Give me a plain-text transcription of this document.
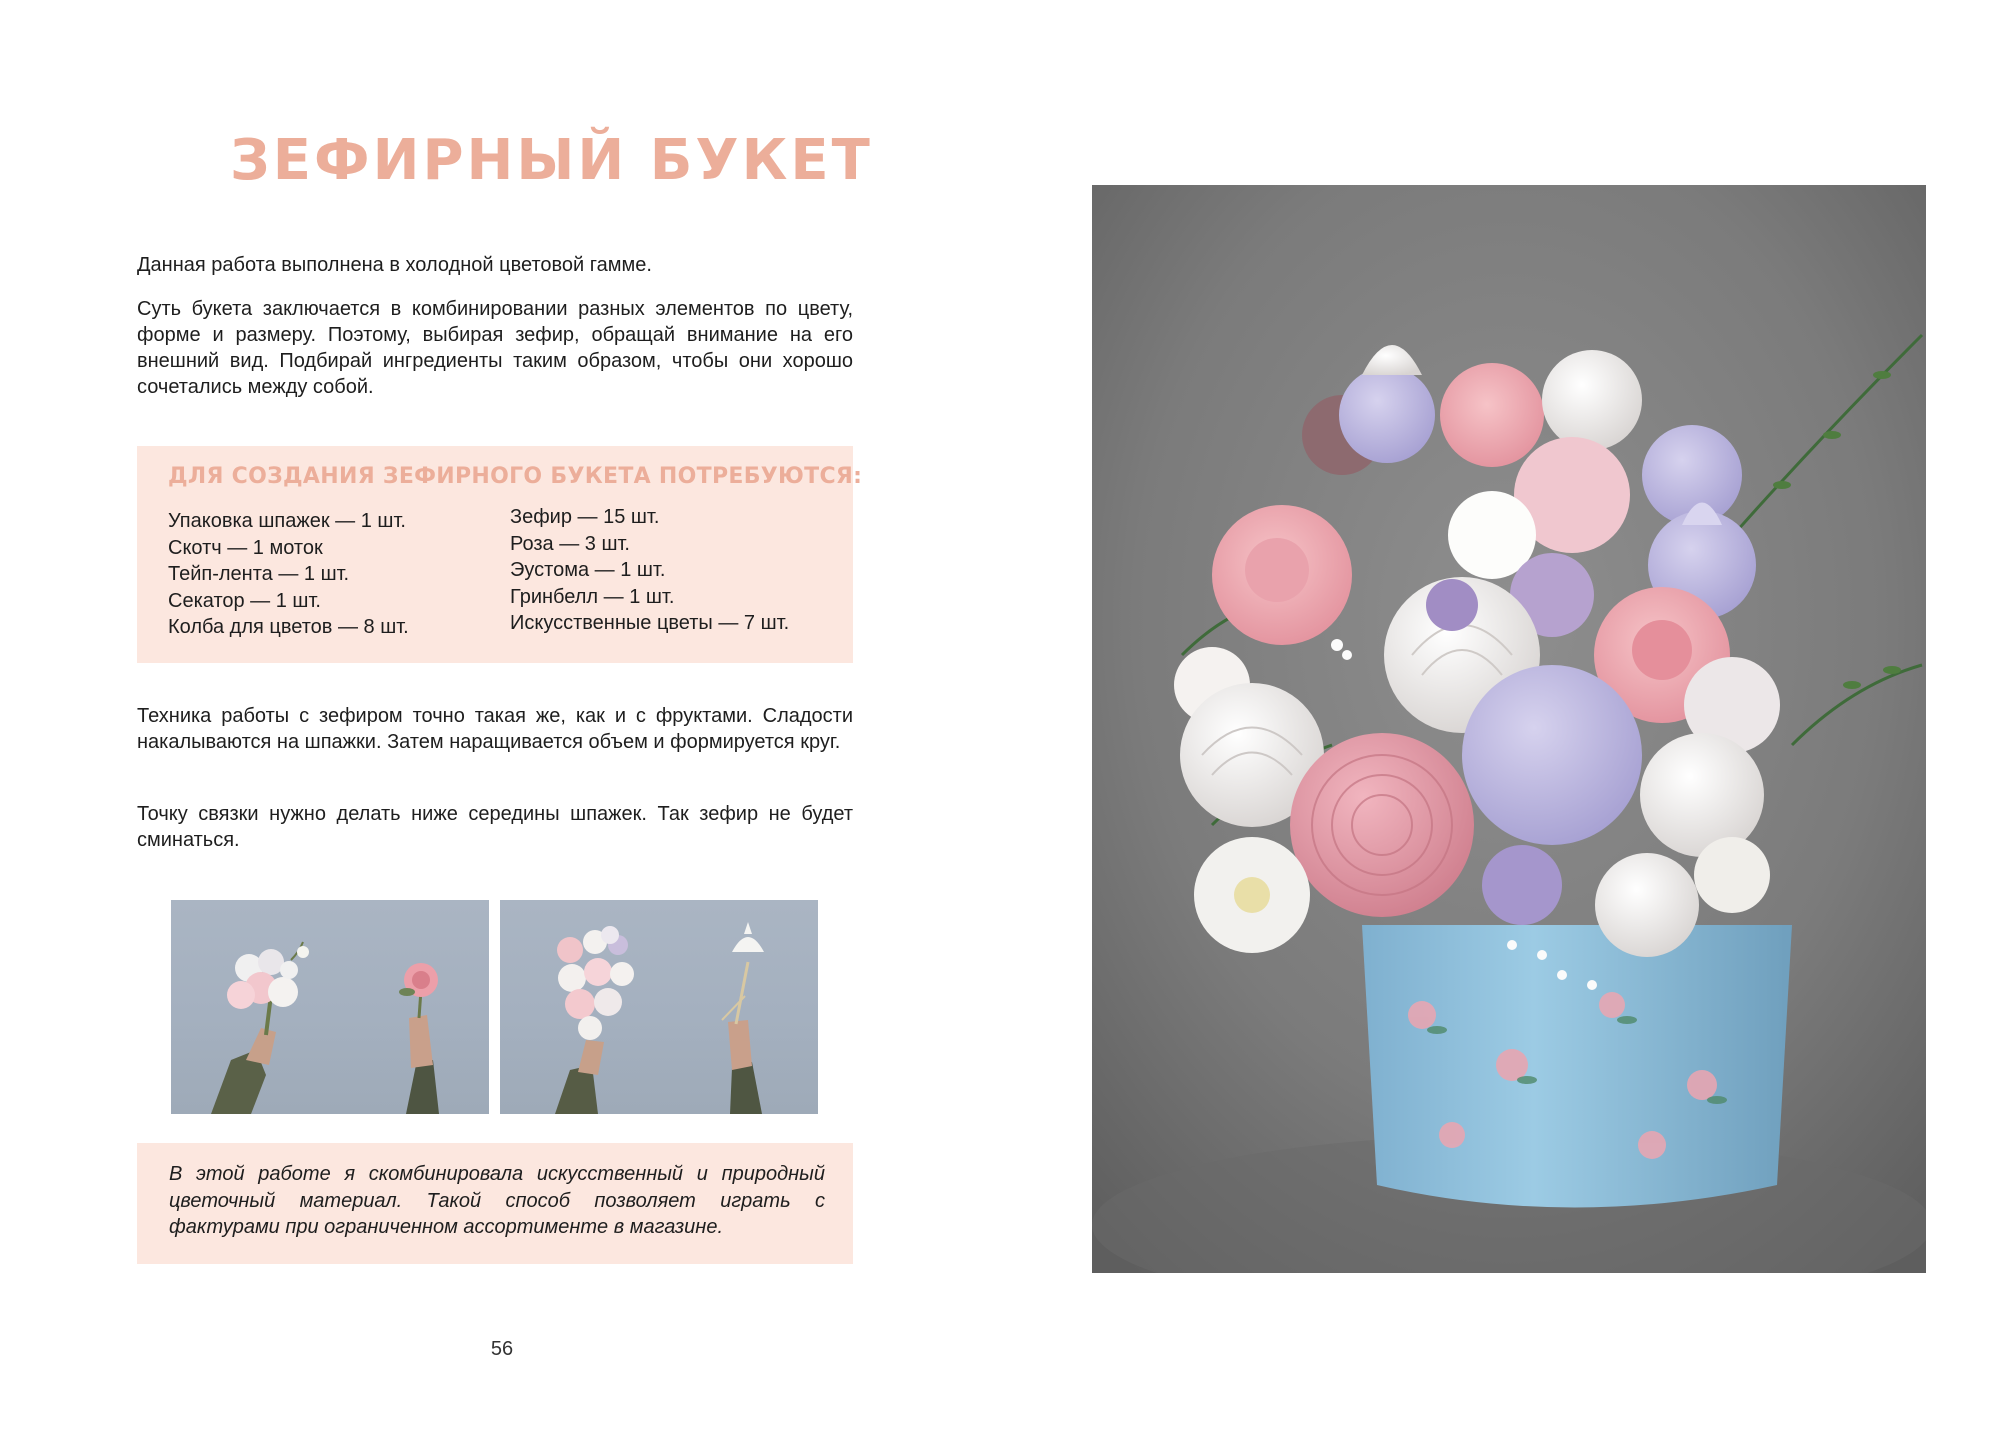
ЗЕФИРНЫЙ БУКЕТ

Данная работа выполнена в холодной цветовой гамме.

Суть букета заключается в комбинировании разных элементов по цвету, форме и размеру. Поэтому, выбирая зефир, обращай внимание на его внешний вид. Подбирай ингредиенты таким образом, чтобы они хорошо сочетались между собой.

ДЛЯ СОЗДАНИЯ ЗЕФИРНОГО БУКЕТА ПОТРЕБУЮТСЯ:
Упаковка шпажек — 1 шт.
Скотч — 1 моток
Тейп-лента — 1 шт.
Секатор — 1 шт.
Колба для цветов — 8 шт.
Зефир — 15 шт.
Роза — 3 шт.
Эустома — 1 шт.
Гринбелл — 1 шт.
Искусственные цветы — 7 шт.

Техника работы с зефиром точно такая же, как и с фруктами. Сладости накалываются на шпажки. Затем наращивается объем и формируется круг.

Точку связки нужно делать ниже середины шпажек. Так зефир не будет сминаться.

В этой работе я скомбинировала искусственный и природный цветочный материал. Такой способ позволяет играть с фактурами при ограниченном ассортименте в магазине.

56
